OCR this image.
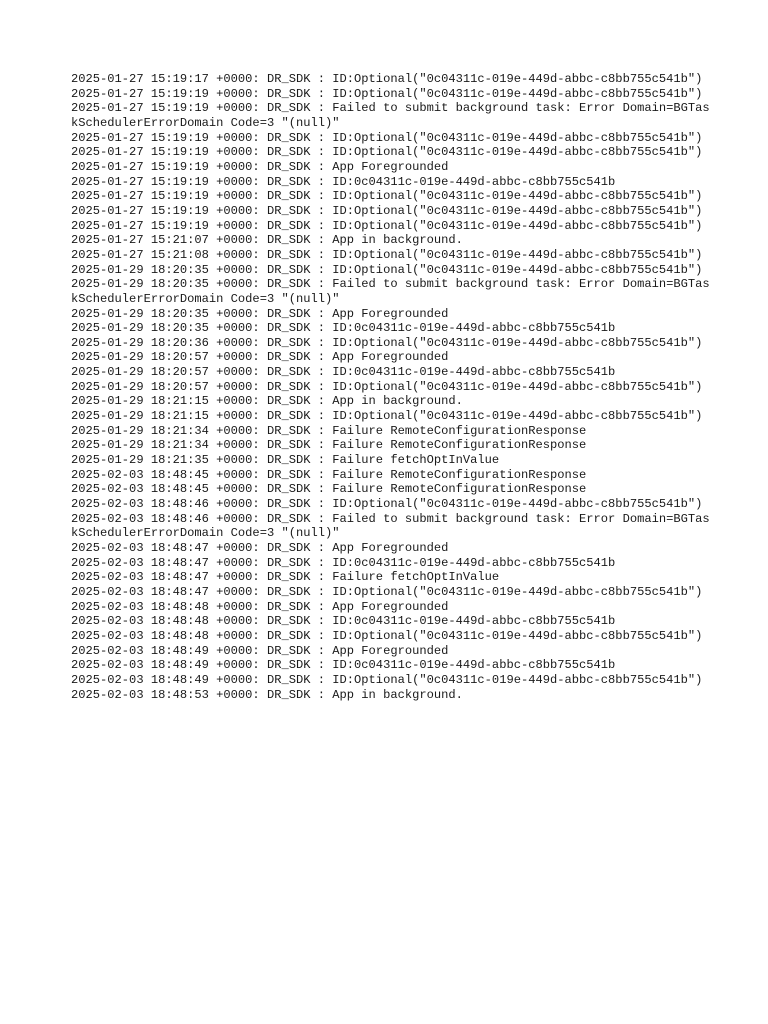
2025-01-27 15:19:17 +0000: DR_SDK : ID:Optional("0c04311c-019e-449d-abbc-c8bb755c541b")
2025-01-27 15:19:19 +0000: DR_SDK : ID:Optional("0c04311c-019e-449d-abbc-c8bb755c541b")
2025-01-27 15:19:19 +0000: DR_SDK : Failed to submit background task: Error Domain=BGTaskSchedulerErrorDomain Code=3 "(null)"
2025-01-27 15:19:19 +0000: DR_SDK : ID:Optional("0c04311c-019e-449d-abbc-c8bb755c541b")
2025-01-27 15:19:19 +0000: DR_SDK : ID:Optional("0c04311c-019e-449d-abbc-c8bb755c541b")
2025-01-27 15:19:19 +0000: DR_SDK : App Foregrounded
2025-01-27 15:19:19 +0000: DR_SDK : ID:0c04311c-019e-449d-abbc-c8bb755c541b
2025-01-27 15:19:19 +0000: DR_SDK : ID:Optional("0c04311c-019e-449d-abbc-c8bb755c541b")
2025-01-27 15:19:19 +0000: DR_SDK : ID:Optional("0c04311c-019e-449d-abbc-c8bb755c541b")
2025-01-27 15:19:19 +0000: DR_SDK : ID:Optional("0c04311c-019e-449d-abbc-c8bb755c541b")
2025-01-27 15:21:07 +0000: DR_SDK : App in background.
2025-01-27 15:21:08 +0000: DR_SDK : ID:Optional("0c04311c-019e-449d-abbc-c8bb755c541b")
2025-01-29 18:20:35 +0000: DR_SDK : ID:Optional("0c04311c-019e-449d-abbc-c8bb755c541b")
2025-01-29 18:20:35 +0000: DR_SDK : Failed to submit background task: Error Domain=BGTaskSchedulerErrorDomain Code=3 "(null)"
2025-01-29 18:20:35 +0000: DR_SDK : App Foregrounded
2025-01-29 18:20:35 +0000: DR_SDK : ID:0c04311c-019e-449d-abbc-c8bb755c541b
2025-01-29 18:20:36 +0000: DR_SDK : ID:Optional("0c04311c-019e-449d-abbc-c8bb755c541b")
2025-01-29 18:20:57 +0000: DR_SDK : App Foregrounded
2025-01-29 18:20:57 +0000: DR_SDK : ID:0c04311c-019e-449d-abbc-c8bb755c541b
2025-01-29 18:20:57 +0000: DR_SDK : ID:Optional("0c04311c-019e-449d-abbc-c8bb755c541b")
2025-01-29 18:21:15 +0000: DR_SDK : App in background.
2025-01-29 18:21:15 +0000: DR_SDK : ID:Optional("0c04311c-019e-449d-abbc-c8bb755c541b")
2025-01-29 18:21:34 +0000: DR_SDK : Failure RemoteConfigurationResponse
2025-01-29 18:21:34 +0000: DR_SDK : Failure RemoteConfigurationResponse
2025-01-29 18:21:35 +0000: DR_SDK : Failure fetchOptInValue
2025-02-03 18:48:45 +0000: DR_SDK : Failure RemoteConfigurationResponse
2025-02-03 18:48:45 +0000: DR_SDK : Failure RemoteConfigurationResponse
2025-02-03 18:48:46 +0000: DR_SDK : ID:Optional("0c04311c-019e-449d-abbc-c8bb755c541b")
2025-02-03 18:48:46 +0000: DR_SDK : Failed to submit background task: Error Domain=BGTaskSchedulerErrorDomain Code=3 "(null)"
2025-02-03 18:48:47 +0000: DR_SDK : App Foregrounded
2025-02-03 18:48:47 +0000: DR_SDK : ID:0c04311c-019e-449d-abbc-c8bb755c541b
2025-02-03 18:48:47 +0000: DR_SDK : Failure fetchOptInValue
2025-02-03 18:48:47 +0000: DR_SDK : ID:Optional("0c04311c-019e-449d-abbc-c8bb755c541b")
2025-02-03 18:48:48 +0000: DR_SDK : App Foregrounded
2025-02-03 18:48:48 +0000: DR_SDK : ID:0c04311c-019e-449d-abbc-c8bb755c541b
2025-02-03 18:48:48 +0000: DR_SDK : ID:Optional("0c04311c-019e-449d-abbc-c8bb755c541b")
2025-02-03 18:48:49 +0000: DR_SDK : App Foregrounded
2025-02-03 18:48:49 +0000: DR_SDK : ID:0c04311c-019e-449d-abbc-c8bb755c541b
2025-02-03 18:48:49 +0000: DR_SDK : ID:Optional("0c04311c-019e-449d-abbc-c8bb755c541b")
2025-02-03 18:48:53 +0000: DR_SDK : App in background.
